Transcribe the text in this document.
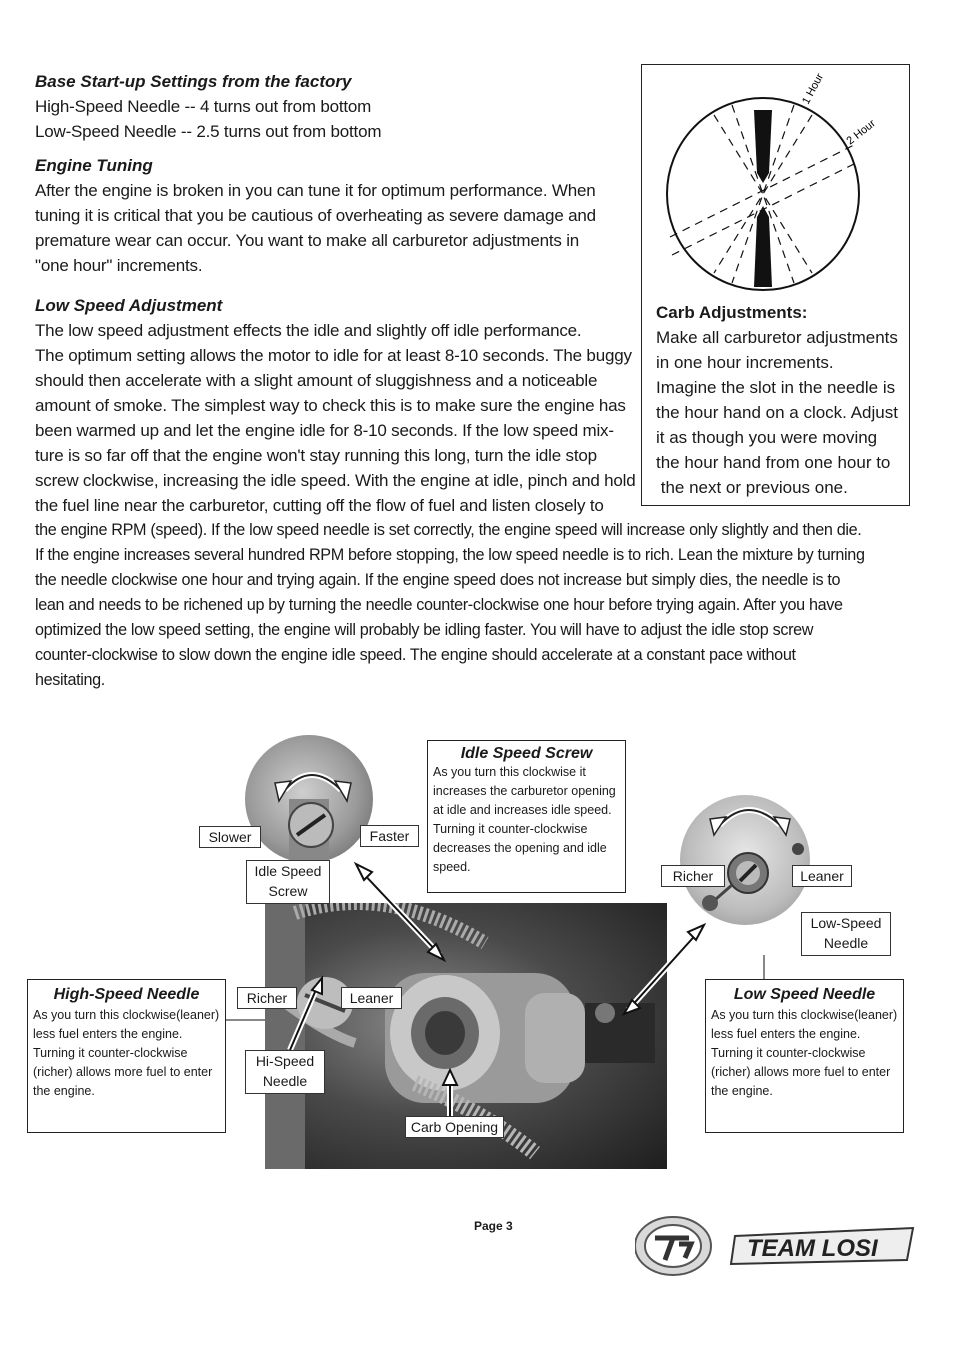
Base Start-up Settings from the factory
High-Speed Needle -- 4 turns out from bottom
Low-Speed Needle -- 2.5 turns out from bottom
Engine Tuning
After the engine is broken in you can tune it for optimum performance. When
tuning it is critical that you be cautious of overheating as severe damage and
premature wear can occur. You want to make all carburetor adjustments in
"one hour" increments.
Low Speed Adjustment
The low speed adjustment effects the idle and slightly off idle performance.
The optimum setting allows the motor to idle for at least 8-10 seconds. The buggy
should then accelerate with a slight amount of sluggishness and a noticeable
amount of smoke. The simplest way to check this is to make sure the engine has
been warmed up and let the engine idle for 8-10 seconds. If the low speed mix-
ture is so far off that the engine won't stay running this long, turn the idle stop
screw clockwise, increasing the idle speed. With the engine at idle, pinch and hold
the fuel line near the carburetor, cutting off the flow of fuel and listen closely to
the engine RPM (speed). If the low speed needle is set correctly, the engine speed will increase only slightly and then die.
If the engine increases several hundred RPM before stopping, the low speed needle is to rich. Lean the mixture by turning
the needle clockwise one hour and trying again. If the engine speed does not increase but simply dies, the needle is to
lean and needs to be richened up by turning the needle counter-clockwise one hour before trying again. After you have
optimized the low speed setting, the engine will probably be idling faster. You will have to adjust the idle stop screw
counter-clockwise to slow down the engine idle speed. The engine should accelerate at a constant pace without
hesitating.
1 Hour
2 Hour
Carb Adjustments:
Make all carburetor adjustments
in one hour increments.
Imagine the slot in the needle is
the hour hand on a clock. Adjust
it as though you were moving
the hour hand from one hour to
the next or previous one.
Idle Speed Screw
As you turn this clockwise it
increases the carburetor opening
at idle and increases idle speed.
Turning it counter-clockwise
decreases the opening and idle
speed.
High-Speed Needle
As you turn this clockwise(leaner)
less fuel enters the engine.
Turning it counter-clockwise
(richer) allows more fuel to enter
the engine.
Low Speed Needle
As you turn this clockwise(leaner)
less fuel enters the engine.
Turning it counter-clockwise
(richer) allows more fuel to enter
the engine.
Slower	Faster
Idle Speed
Screw
Richer	Leaner
Hi-Speed
Needle
Carb Opening
Richer	Leaner
Low-Speed
Needle
Page 3
TEAM LOSI
